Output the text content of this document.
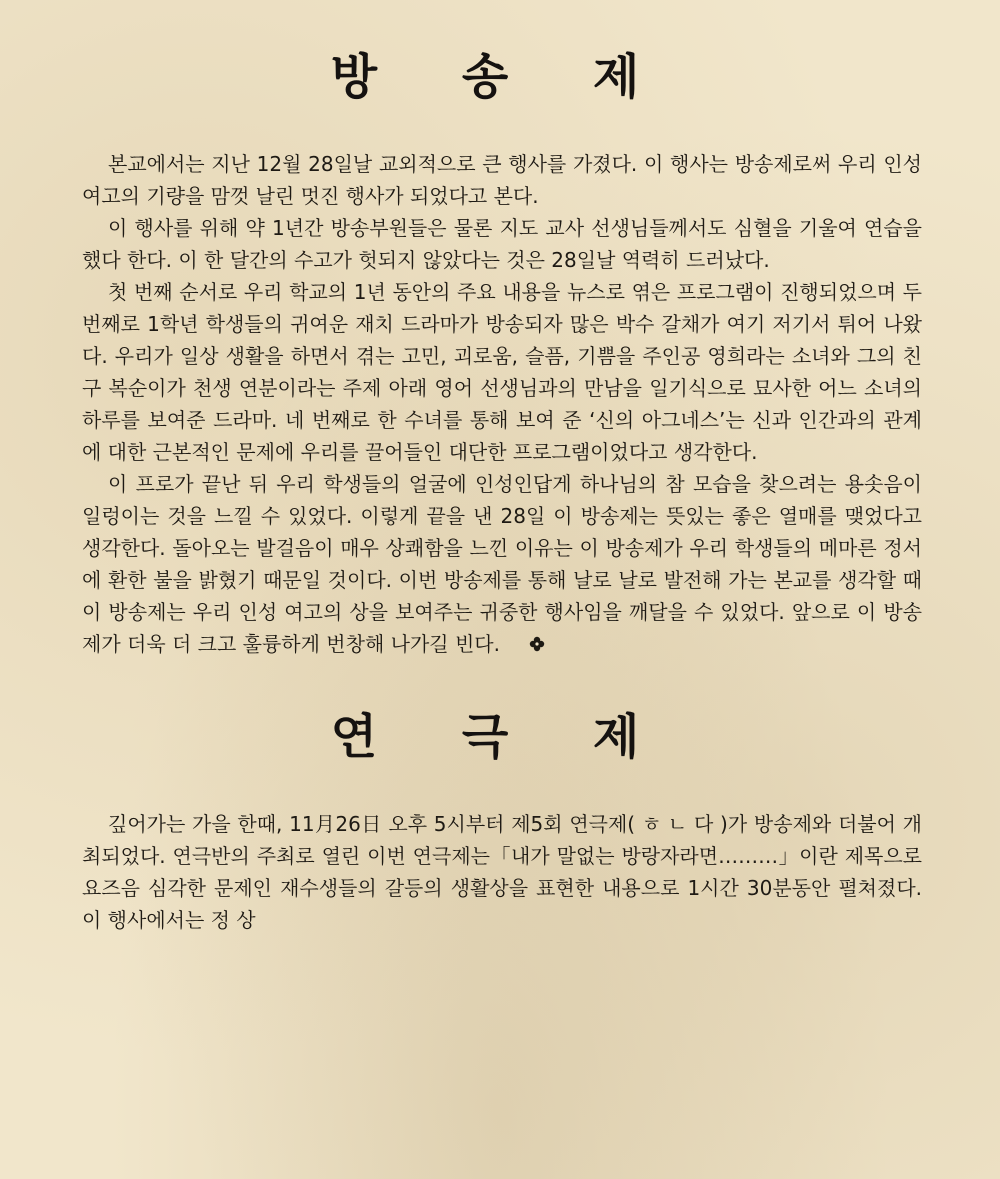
방 송 제

본교에서는 지난 12월 28일날 교외적으로 큰 행사를 가졌다. 이 행사는 방송제로써 우리 인성여고의 기량을 맘껏 날린 멋진 행사가 되었다고 본다.

이 행사를 위해 약 1년간 방송부원들은 물론 지도 교사 선생님들께서도 심혈을 기울여 연습을 했다 한다. 이 한 달간의 수고가 헛되지 않았다는 것은 28일날 역력히 드러났다.

첫 번째 순서로 우리 학교의 1년 동안의 주요 내용을 뉴스로 엮은 프로그램이 진행되었으며 두 번째로 1학년 학생들의 귀여운 재치 드라마가 방송되자 많은 박수 갈채가 여기 저기서 튀어 나왔다. 우리가 일상 생활을 하면서 겪는 고민, 괴로움, 슬픔, 기쁨을 주인공 영희라는 소녀와 그의 친구 복순이가 천생 연분이라는 주제 아래 영어 선생님과의 만남을 일기식으로 묘사한 어느 소녀의 하루를 보여준 드라마. 네 번째로 한 수녀를 통해 보여 준 ‘신의 아그네스’는 신과 인간과의 관계에 대한 근본적인 문제에 우리를 끌어들인 대단한 프로그램이었다고 생각한다.

이 프로가 끝난 뒤 우리 학생들의 얼굴에 인성인답게 하나님의 참 모습을 찾으려는 용솟음이 일렁이는 것을 느낄 수 있었다. 이렇게 끝을 낸 28일 이 방송제는 뜻있는 좋은 열매를 맺었다고 생각한다. 돌아오는 발걸음이 매우 상쾌함을 느낀 이유는 이 방송제가 우리 학생들의 메마른 정서에 환한 불을 밝혔기 때문일 것이다. 이번 방송제를 통해 날로 날로 발전해 가는 본교를 생각할 때 이 방송제는 우리 인성 여고의 상을 보여주는 귀중한 행사임을 깨달을 수 있었다. 앞으로 이 방송제가 더욱 더 크고 훌륭하게 번창해 나가길 빈다.

연 극 제

깊어가는 가을 한때, 11月26日 오후 5시부터 제5회 연극제( ㅎ ㄴ 다 )가 방송제와 더불어 개최되었다. 연극반의 주최로 열린 이번 연극제는「내가 말없는 방랑자라면………」이란 제목으로 요즈음 심각한 문제인 재수생들의 갈등의 생활상을 표현한 내용으로 1시간 30분동안 펼쳐졌다. 이 행사에서는 정 상
